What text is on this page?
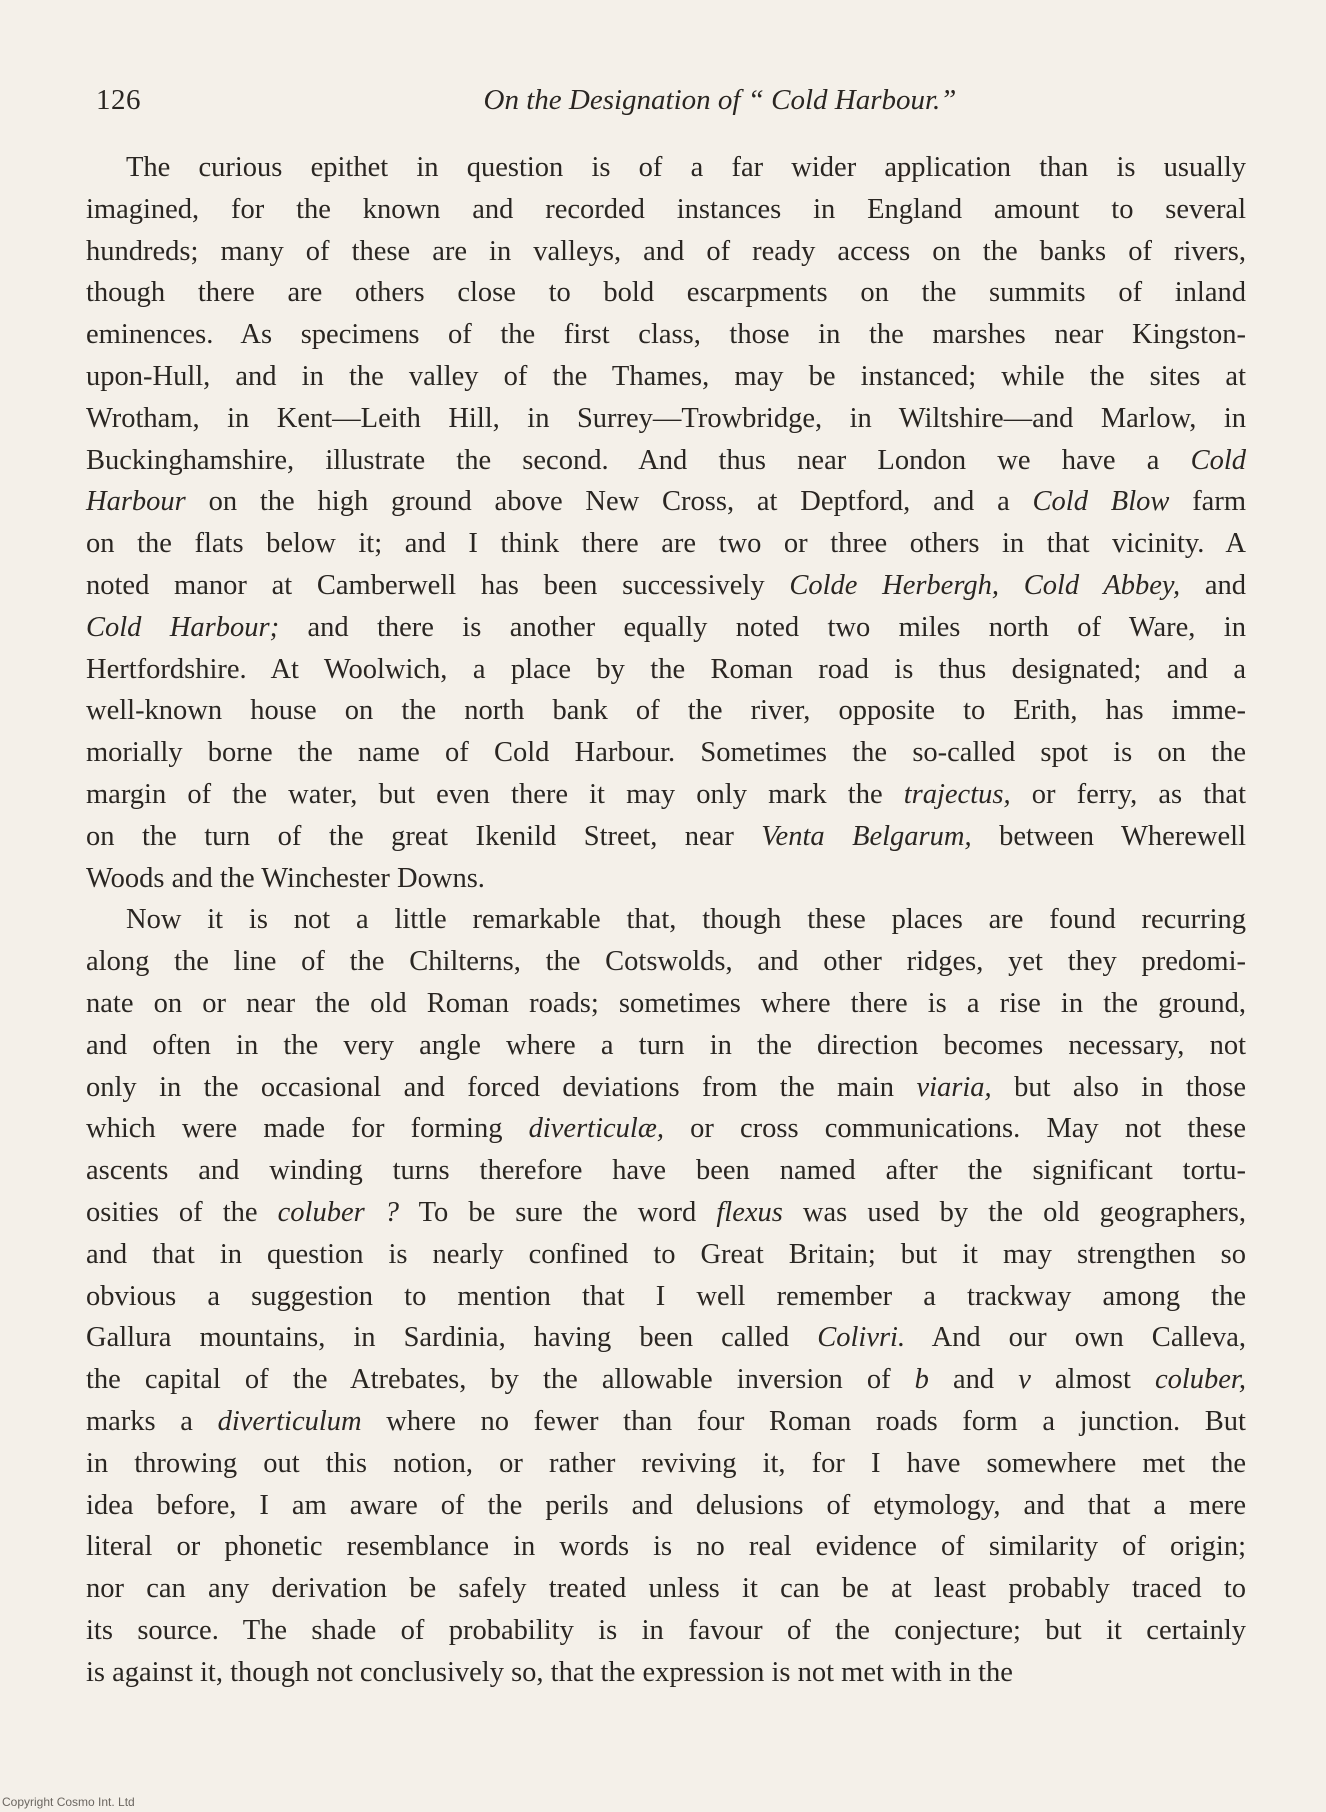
126	On the Designation of “ Cold Harbour.”
The curious epithet in question is of a far wider application than is usually
imagined, for the known and recorded instances in England amount to several
hundreds; many of these are in valleys, and of ready access on the banks of rivers,
though there are others close to bold escarpments on the summits of inland
eminences. As specimens of the first class, those in the marshes near Kingston-
upon-Hull, and in the valley of the Thames, may be instanced; while the sites at
Wrotham, in Kent—Leith Hill, in Surrey—Trowbridge, in Wiltshire—and Marlow, in
Buckinghamshire, illustrate the second. And thus near London we have a Cold
Harbour on the high ground above New Cross, at Deptford, and a Cold Blow farm
on the flats below it; and I think there are two or three others in that vicinity. A
noted manor at Camberwell has been successively Colde Herbergh, Cold Abbey, and
Cold Harbour; and there is another equally noted two miles north of Ware, in
Hertfordshire. At Woolwich, a place by the Roman road is thus designated; and a
well-known house on the north bank of the river, opposite to Erith, has imme-
morially borne the name of Cold Harbour. Sometimes the so-called spot is on the
margin of the water, but even there it may only mark the trajectus, or ferry, as that
on the turn of the great Ikenild Street, near Venta Belgarum, between Wherewell
Woods and the Winchester Downs.
Now it is not a little remarkable that, though these places are found recurring
along the line of the Chilterns, the Cotswolds, and other ridges, yet they predomi-
nate on or near the old Roman roads; sometimes where there is a rise in the ground,
and often in the very angle where a turn in the direction becomes necessary, not
only in the occasional and forced deviations from the main viaria, but also in those
which were made for forming diverticulæ, or cross communications. May not these
ascents and winding turns therefore have been named after the significant tortu-
osities of the coluber ? To be sure the word flexus was used by the old geographers,
and that in question is nearly confined to Great Britain; but it may strengthen so
obvious a suggestion to mention that I well remember a trackway among the
Gallura mountains, in Sardinia, having been called Colivri. And our own Calleva,
the capital of the Atrebates, by the allowable inversion of b and v almost coluber,
marks a diverticulum where no fewer than four Roman roads form a junction. But
in throwing out this notion, or rather reviving it, for I have somewhere met the
idea before, I am aware of the perils and delusions of etymology, and that a mere
literal or phonetic resemblance in words is no real evidence of similarity of origin;
nor can any derivation be safely treated unless it can be at least probably traced to
its source. The shade of probability is in favour of the conjecture; but it certainly
is against it, though not conclusively so, that the expression is not met with in the
Copyright Cosmo Int. Ltd
